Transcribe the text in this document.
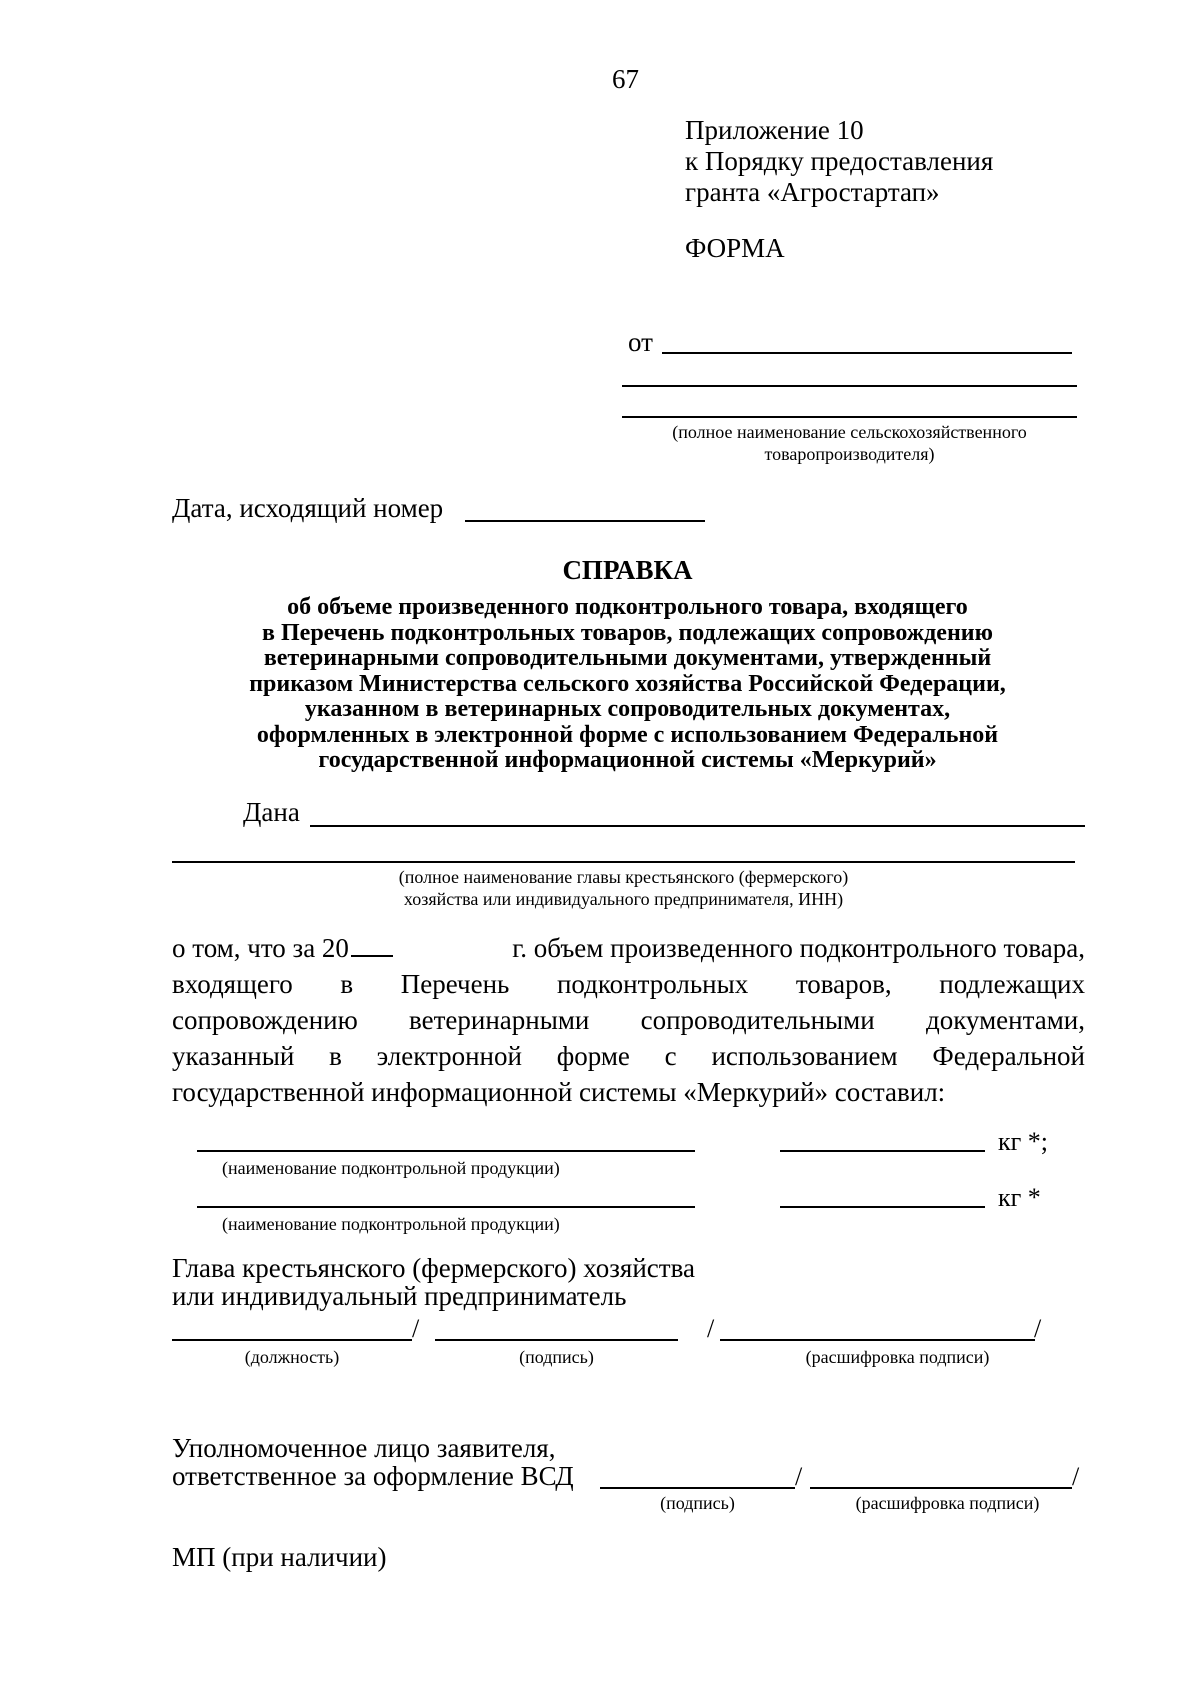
67
Приложение 10
к Порядку предоставления
гранта «Агростартап»
ФОРМА
от
(полное наименование сельскохозяйственного
товаропроизводителя)
Дата, исходящий номер
СПРАВКА
об объеме произведенного подконтрольного товара, входящего
в Перечень подконтрольных товаров, подлежащих сопровождению
ветеринарными сопроводительными документами, утвержденный
приказом Министерства сельского хозяйства Российской Федерации,
указанном в ветеринарных сопроводительных документах,
оформленных в электронной форме с использованием Федеральной
государственной информационной системы «Меркурий»
Дана
(полное наименование главы крестьянского (фермерского)
хозяйства или индивидуального предпринимателя, ИНН)
о том, что за 20	г. объем произведенного подконтрольного товара,
входящего в Перечень подконтрольных товаров, подлежащих
сопровождению ветеринарными сопроводительными документами,
указанный в электронной форме с использованием Федеральной
государственной информационной системы «Меркурий» составил:
кг *;
(наименование подконтрольной продукции)
кг *
(наименование подконтрольной продукции)
Глава крестьянского (фермерского) хозяйства
или индивидуальный предприниматель
/	/	/
(должность)	(подпись)	(расшифровка подписи)
Уполномоченное лицо заявителя,
ответственное за оформление ВСД	/	/
(подпись)	(расшифровка подписи)
МП (при наличии)
